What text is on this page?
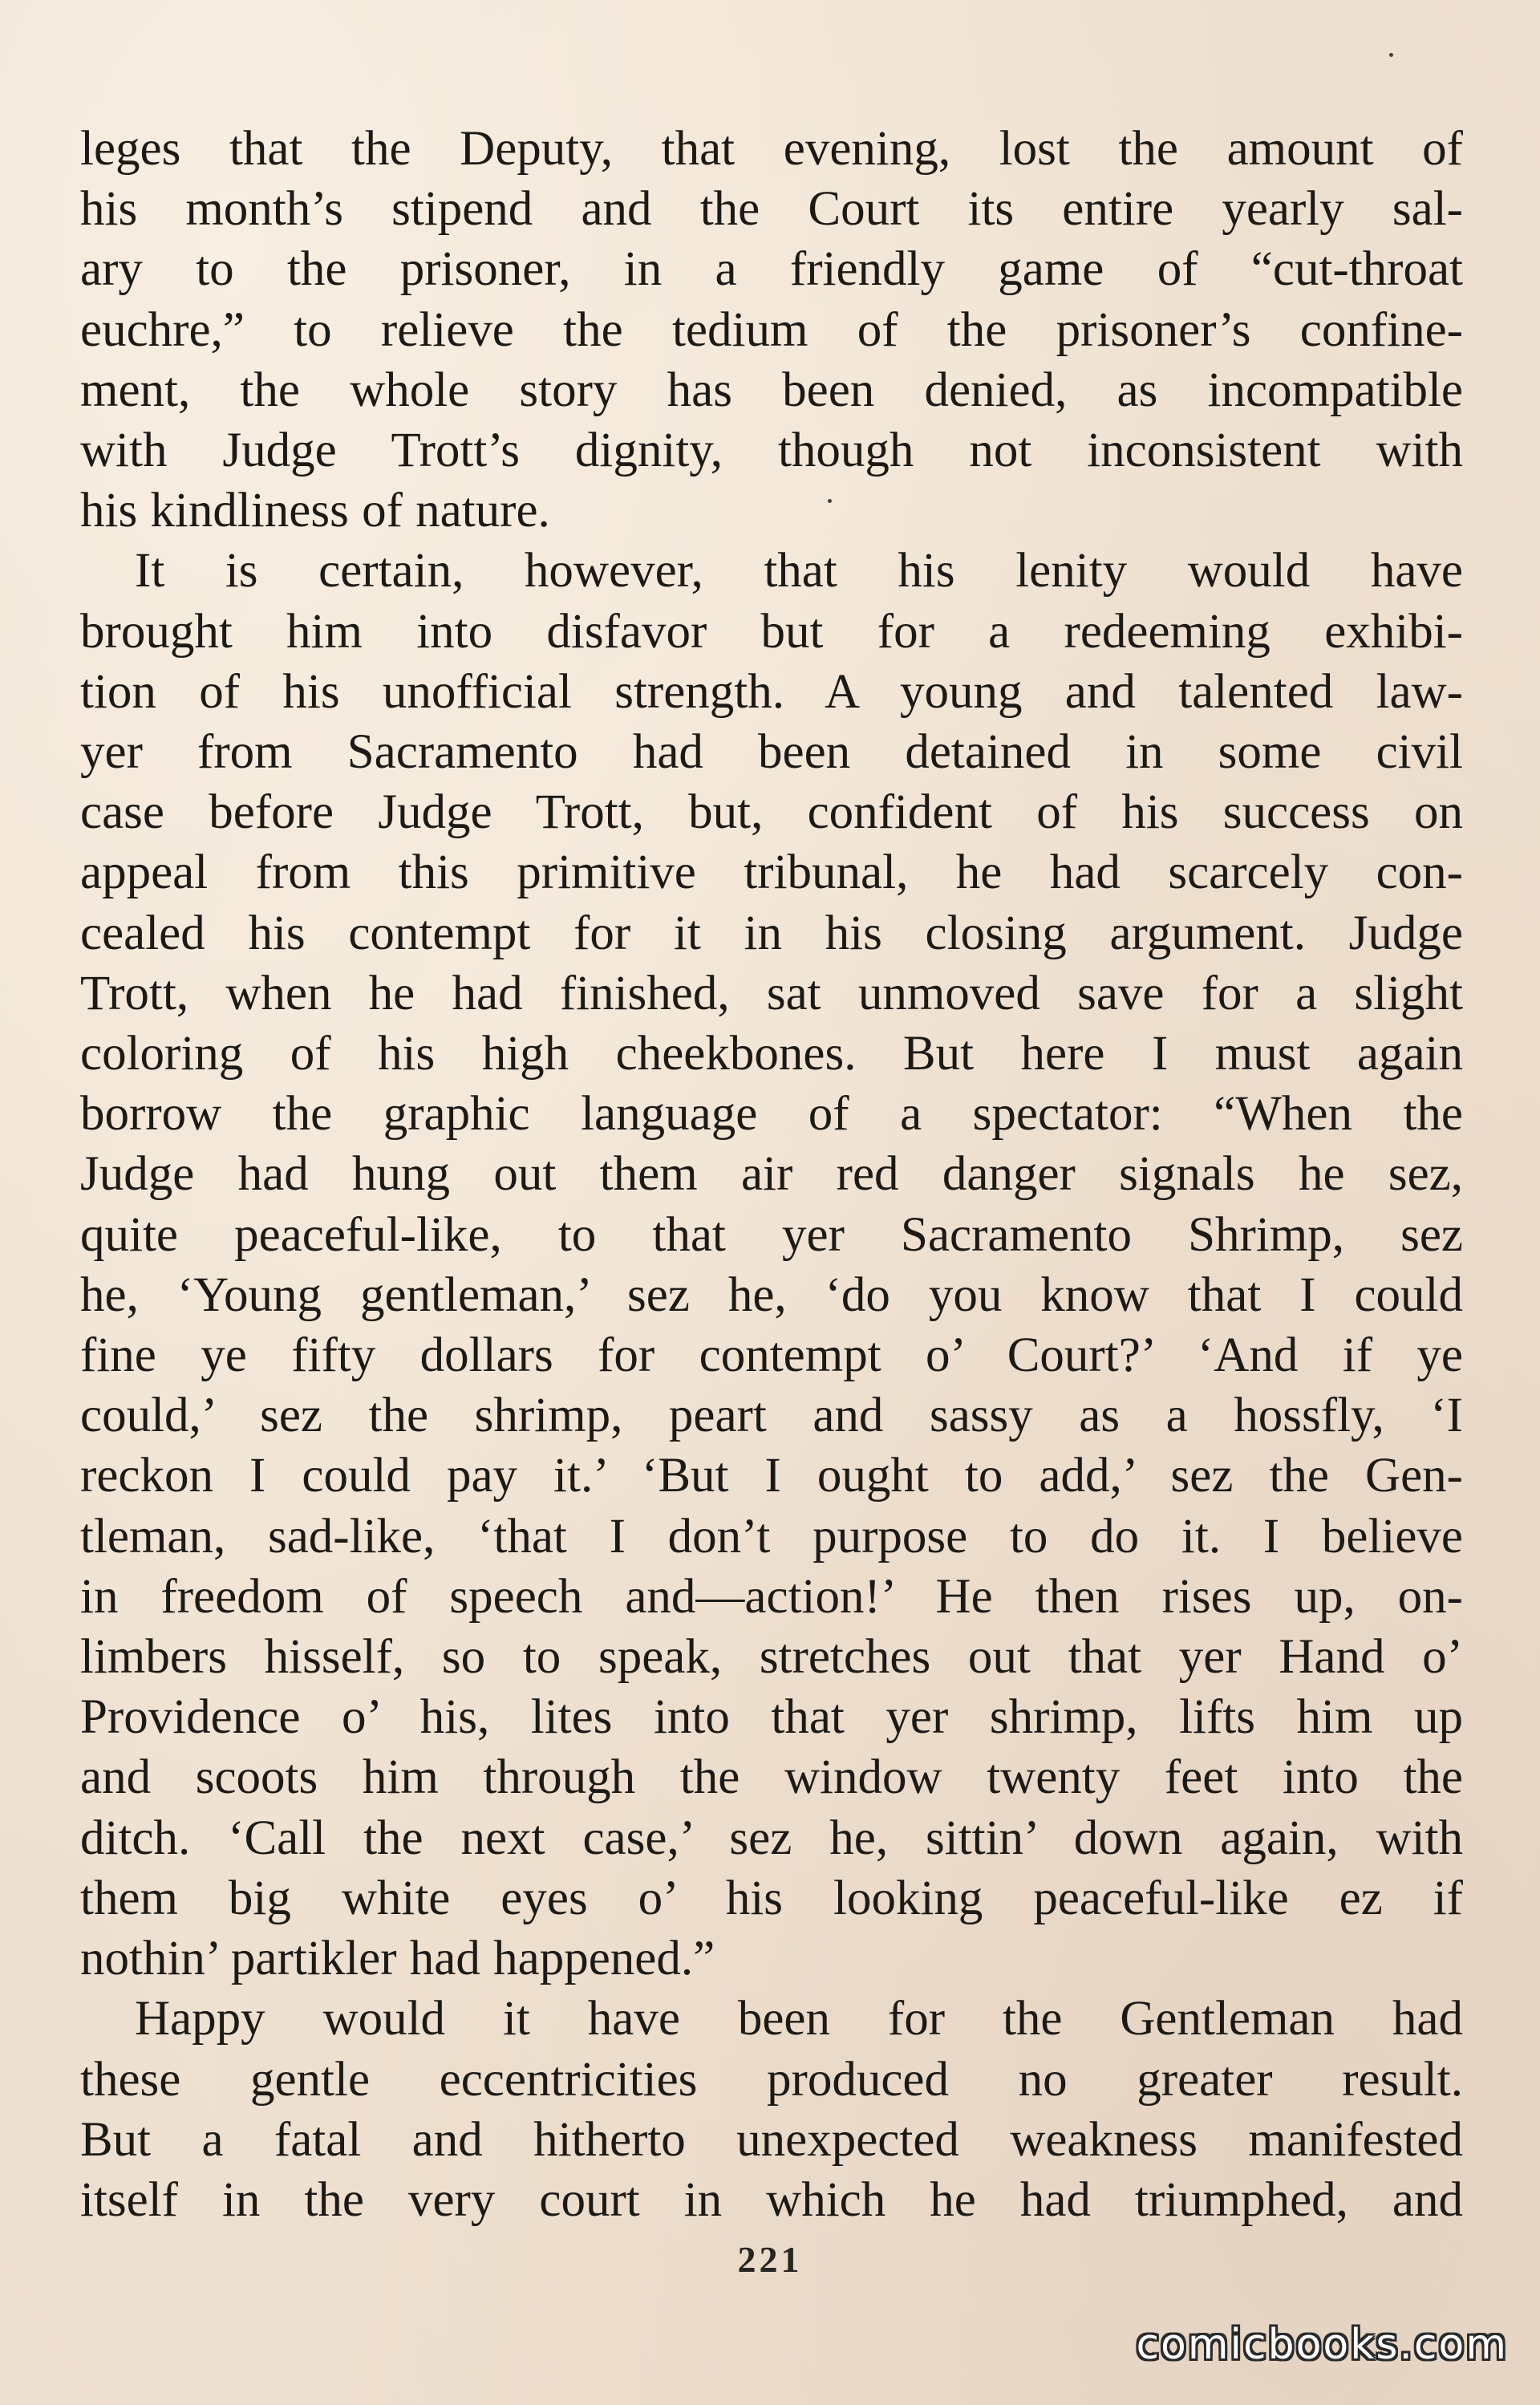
leges that the Deputy, that evening, lost the amount of
his month’s stipend and the Court its entire yearly sal-
ary to the prisoner, in a friendly game of “cut-throat
euchre,” to relieve the tedium of the prisoner’s confine-
ment, the whole story has been denied, as incompatible
with Judge Trott’s dignity, though not inconsistent with
his kindliness of nature.

It is certain, however, that his lenity would have
brought him into disfavor but for a redeeming exhibi-
tion of his unofficial strength. A young and talented law-
yer from Sacramento had been detained in some civil
case before Judge Trott, but, confident of his success on
appeal from this primitive tribunal, he had scarcely con-
cealed his contempt for it in his closing argument. Judge
Trott, when he had finished, sat unmoved save for a slight
coloring of his high cheekbones. But here I must again
borrow the graphic language of a spectator: “When the
Judge had hung out them air red danger signals he sez,
quite peaceful-like, to that yer Sacramento Shrimp, sez
he, ‘Young gentleman,’ sez he, ‘do you know that I could
fine ye fifty dollars for contempt o’ Court?’ ‘And if ye
could,’ sez the shrimp, peart and sassy as a hossfly, ‘I
reckon I could pay it.’ ‘But I ought to add,’ sez the Gen-
tleman, sad-like, ‘that I don’t purpose to do it. I believe
in freedom of speech and—action!’ He then rises up, on-
limbers hisself, so to speak, stretches out that yer Hand o’
Providence o’ his, lites into that yer shrimp, lifts him up
and scoots him through the window twenty feet into the
ditch. ‘Call the next case,’ sez he, sittin’ down again, with
them big white eyes o’ his looking peaceful-like ez if
nothin’ partikler had happened.”

Happy would it have been for the Gentleman had
these gentle eccentricities produced no greater result.
But a fatal and hitherto unexpected weakness manifested
itself in the very court in which he had triumphed, and

221
comicbooks.com
